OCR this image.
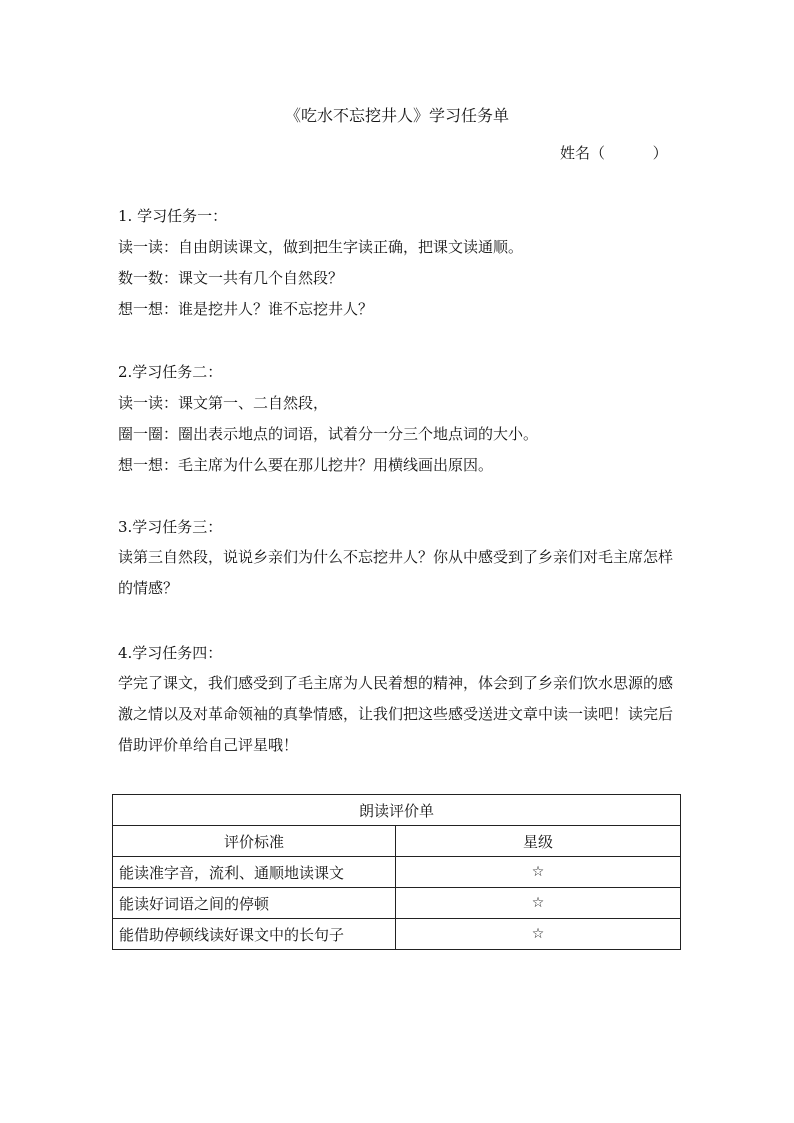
《吃水不忘挖井人》学习任务单
姓名（          ）
1. 学习任务一：
读一读：自由朗读课文，做到把生字读正确，把课文读通顺。
数一数：课文一共有几个自然段？
想一想：谁是挖井人？谁不忘挖井人？
2.学习任务二：
读一读：课文第一、二自然段，
圈一圈：圈出表示地点的词语，试着分一分三个地点词的大小。
想一想：毛主席为什么要在那儿挖井？用横线画出原因。
3.学习任务三：
读第三自然段，说说乡亲们为什么不忘挖井人？你从中感受到了乡亲们对毛主席怎样的情感？
4.学习任务四：
学完了课文，我们感受到了毛主席为人民着想的精神，体会到了乡亲们饮水思源的感激之情以及对革命领袖的真挚情感，让我们把这些感受送进文章中读一读吧！读完后借助评价单给自己评星哦！
朗读评价单	
评价标准	星级
能读准字音，流利、通顺地读课文	☆
能读好词语之间的停顿	☆
能借助停顿线读好课文中的长句子	☆
